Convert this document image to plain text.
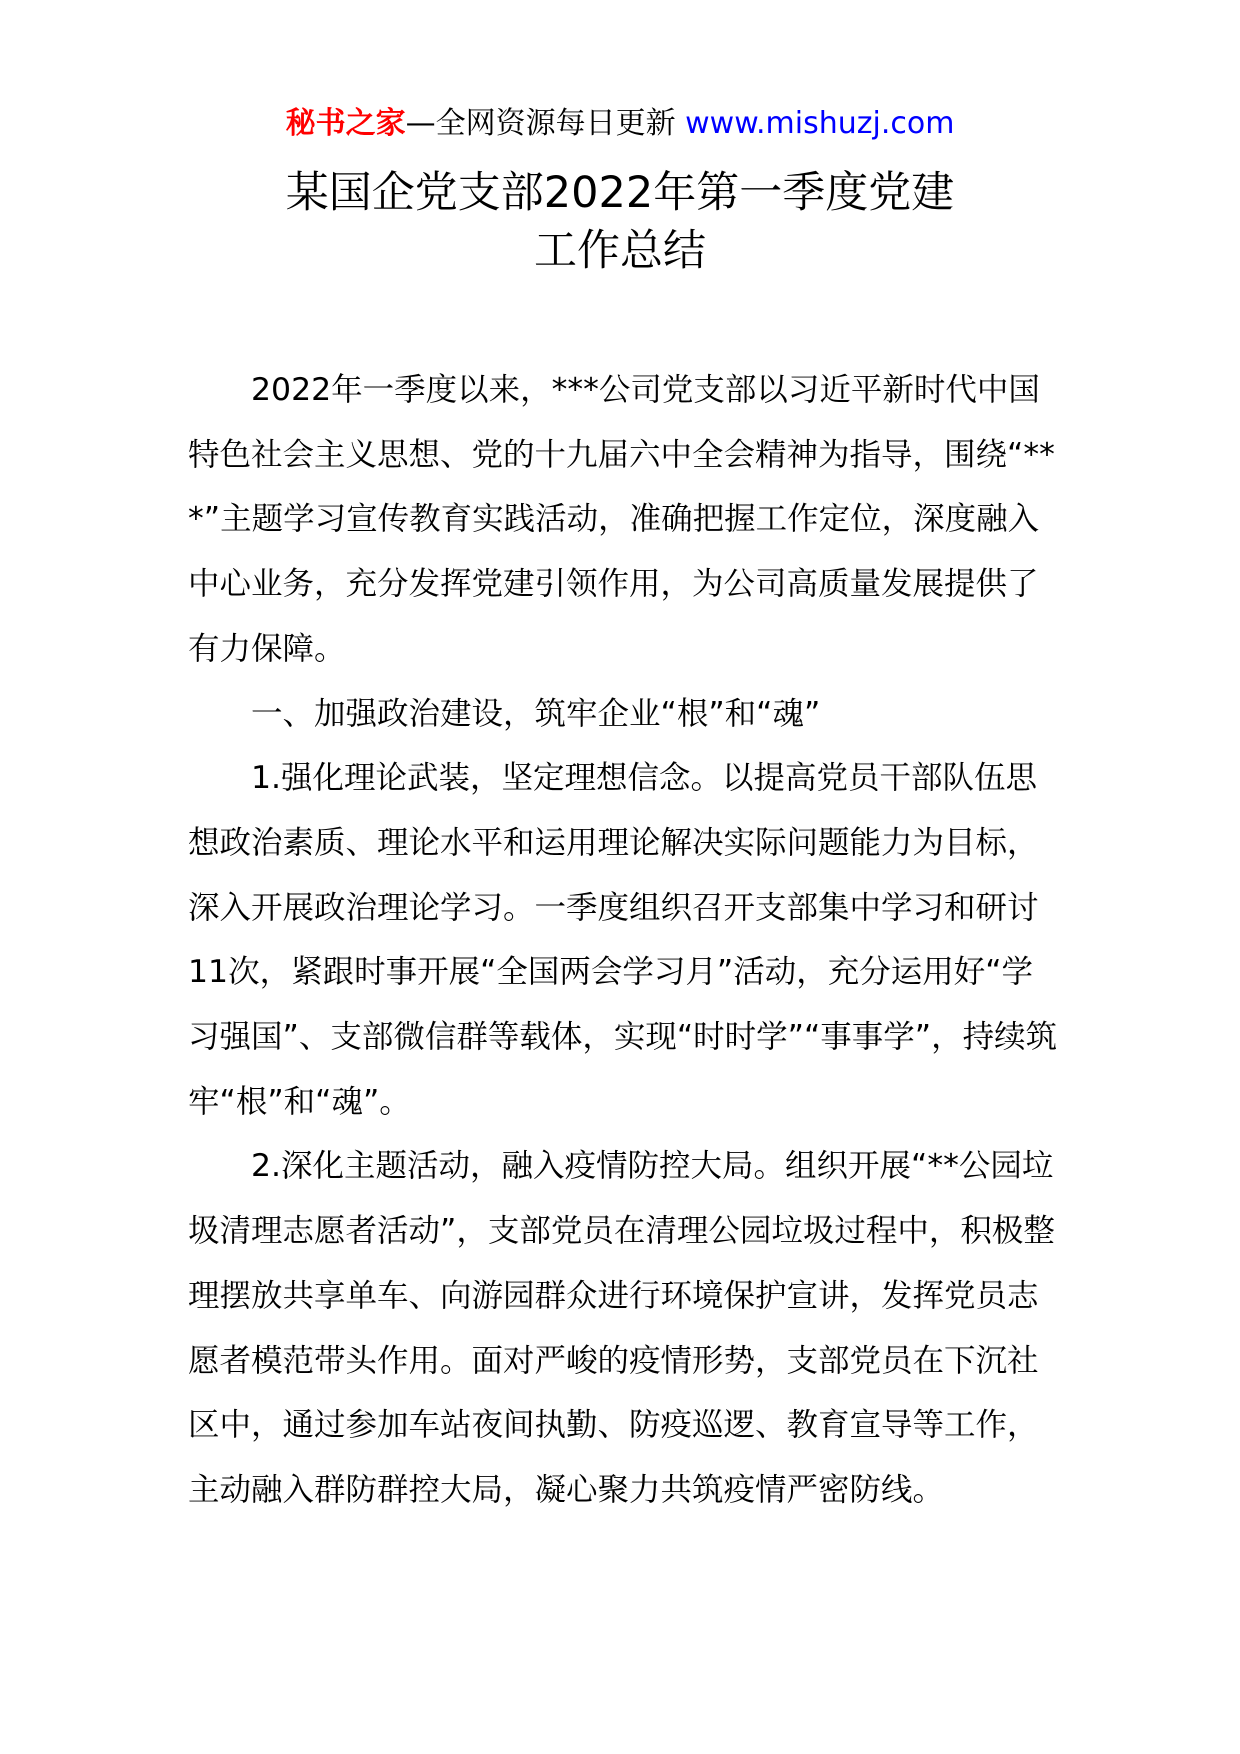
秘书之家—全网资源每日更新 www.mishuzj.com
某国企党支部2022年第一季度党建
工作总结

2022年一季度以来，***公司党支部以习近平新时代中国特色社会主义思想、党的十九届六中全会精神为指导，围绕“***”主题学习宣传教育实践活动，准确把握工作定位，深度融入中心业务，充分发挥党建引领作用，为公司高质量发展提供了有力保障。

一、加强政治建设，筑牢企业“根”和“魂”

1.强化理论武装，坚定理想信念。以提高党员干部队伍思想政治素质、理论水平和运用理论解决实际问题能力为目标，深入开展政治理论学习。一季度组织召开支部集中学习和研讨11次，紧跟时事开展“全国两会学习月”活动，充分运用好“学习强国”、支部微信群等载体，实现“时时学”“事事学”，持续筑牢“根”和“魂”。

2.深化主题活动，融入疫情防控大局。组织开展“**公园垃圾清理志愿者活动”，支部党员在清理公园垃圾过程中，积极整理摆放共享单车、向游园群众进行环境保护宣讲，发挥党员志愿者模范带头作用。面对严峻的疫情形势，支部党员在下沉社区中，通过参加车站夜间执勤、防疫巡逻、教育宣导等工作，主动融入群防群控大局，凝心聚力共筑疫情严密防线。
